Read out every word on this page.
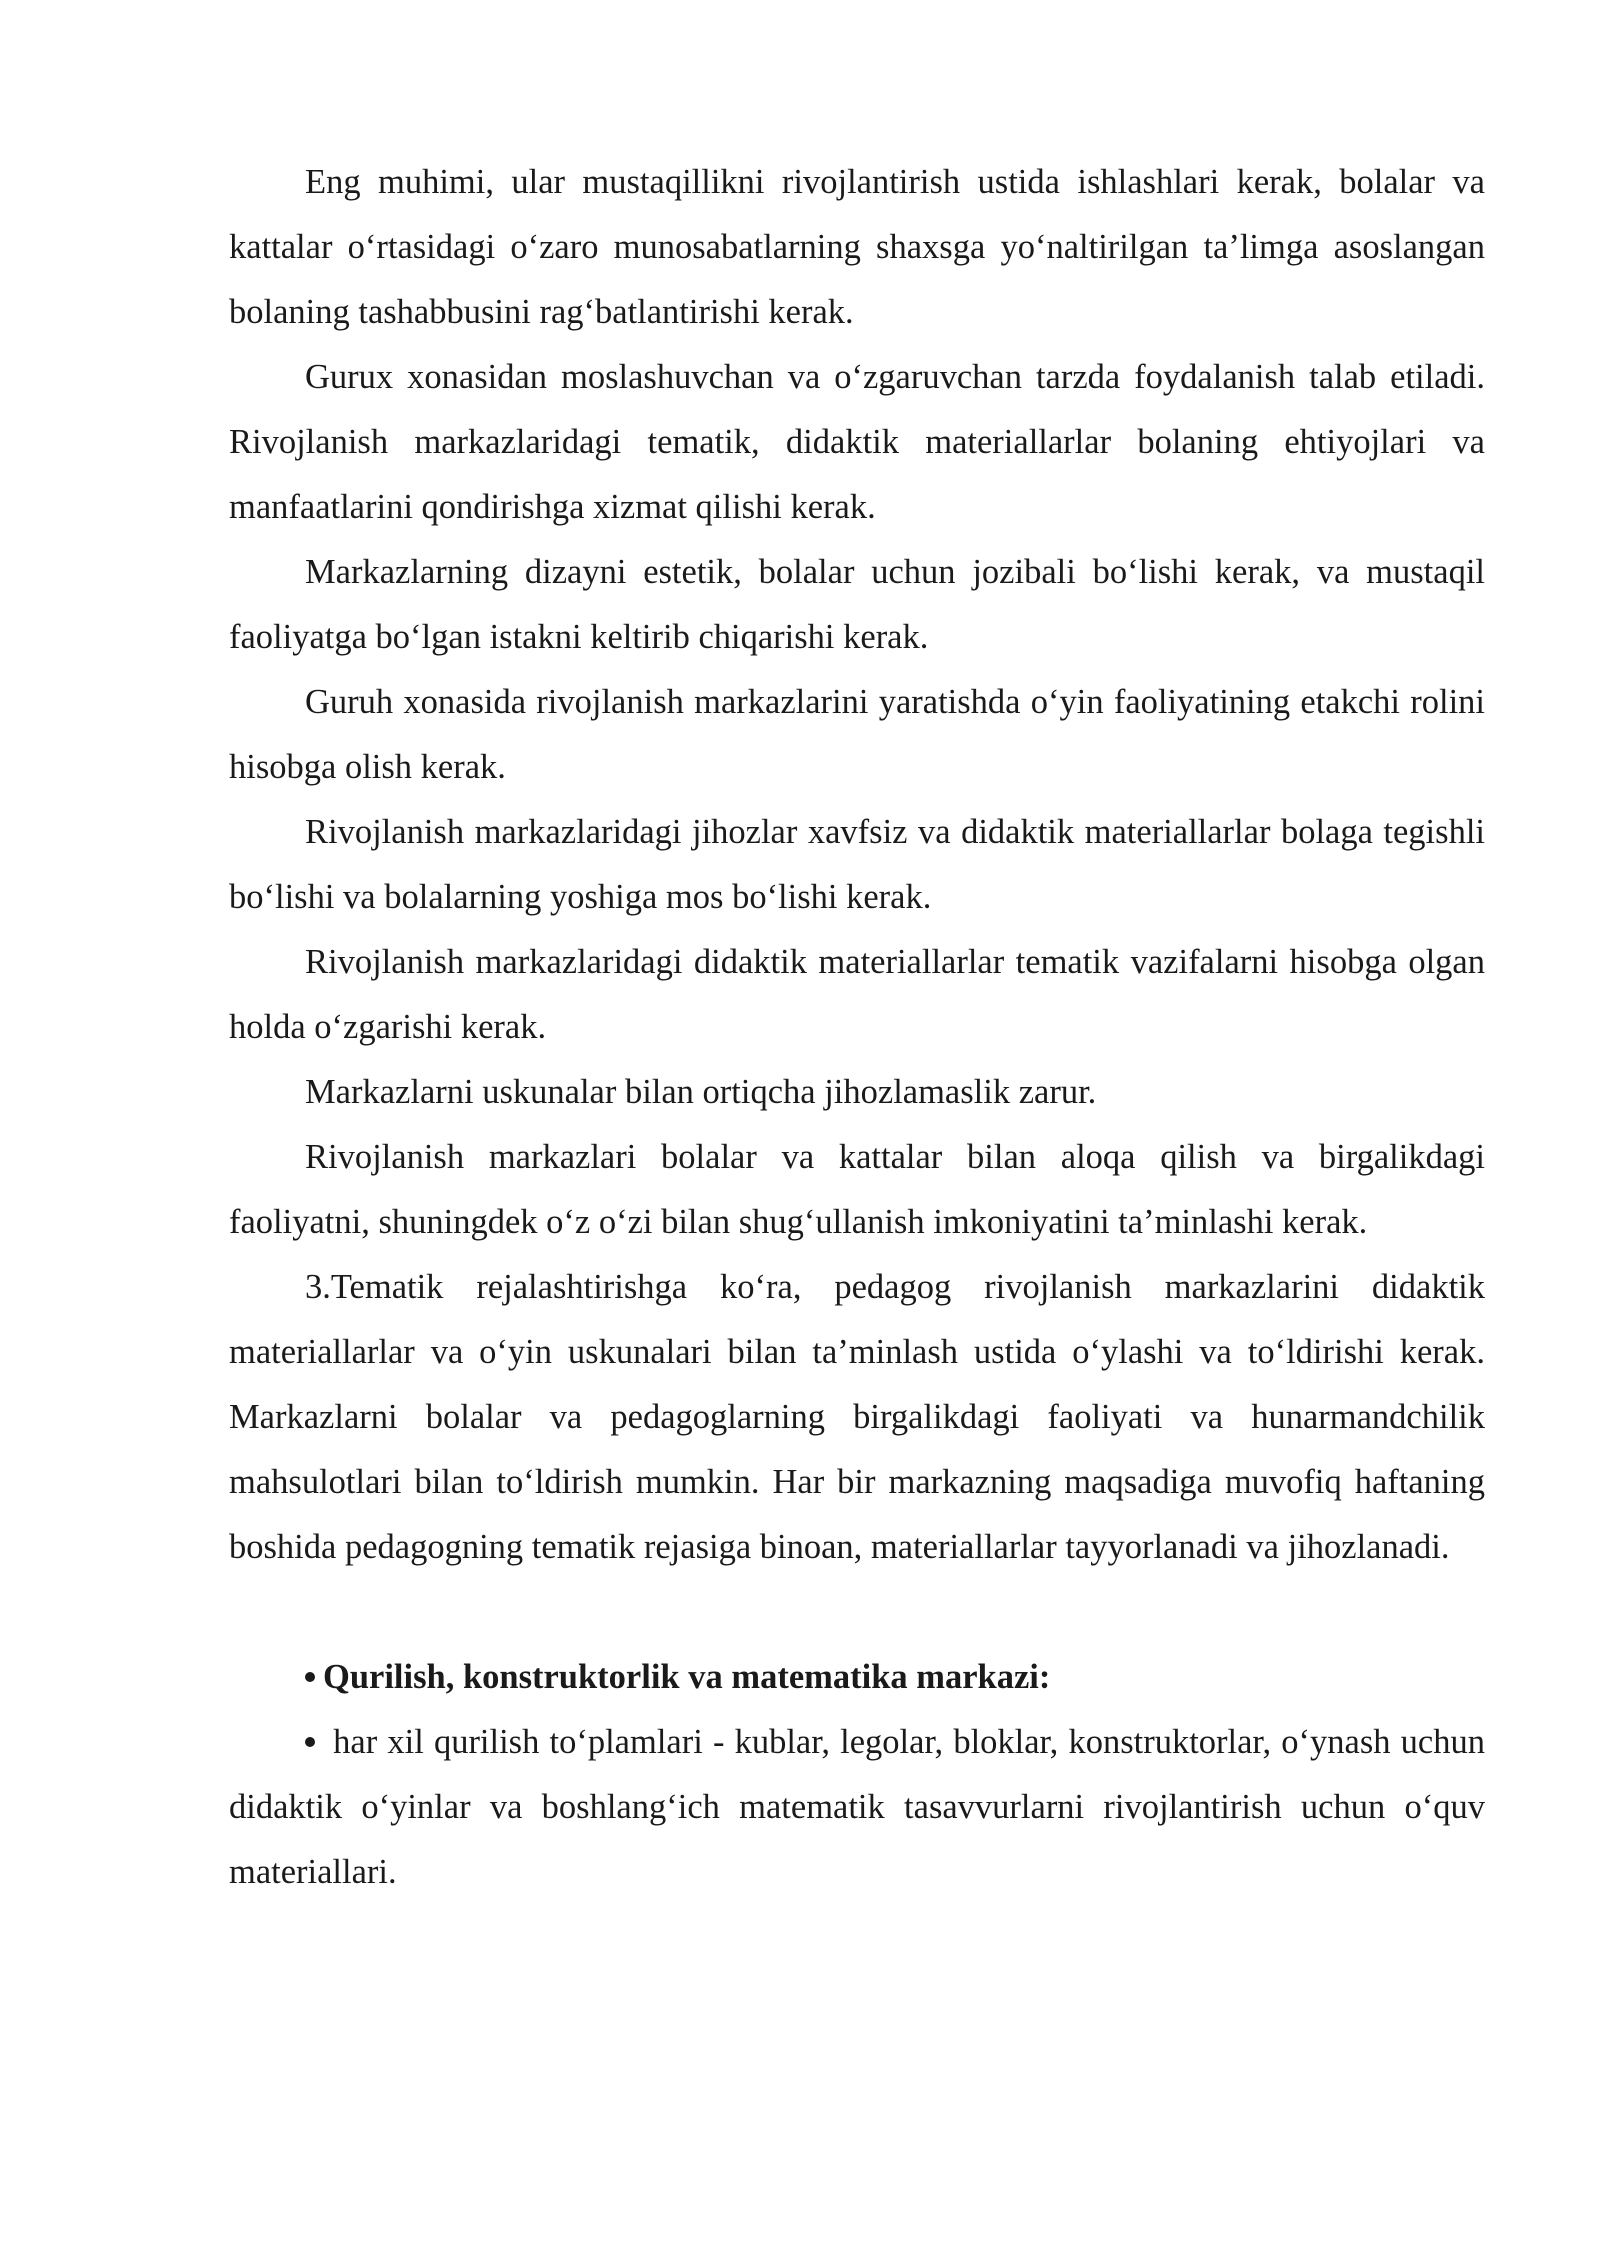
Eng muhimi, ular mustaqillikni rivojlantirish ustida ishlashlari kerak, bolalar va kattalar o‘rtasidagi o‘zaro munosabatlarning shaxsga yo‘naltirilgan ta’limga asoslangan bolaning tashabbusini rag‘batlantirishi kerak.

Gurux xonasidan moslashuvchan va o‘zgaruvchan tarzda foydalanish talab etiladi. Rivojlanish markazlaridagi tematik, didaktik materiallarlar bolaning ehtiyojlari va manfaatlarini qondirishga xizmat qilishi kerak.

Markazlarning dizayni estetik, bolalar uchun jozibali bo‘lishi kerak, va mustaqil faoliyatga bo‘lgan istakni keltirib chiqarishi kerak.

Guruh xonasida rivojlanish markazlarini yaratishda o‘yin faoliyatining etakchi rolini hisobga olish kerak.

Rivojlanish markazlaridagi jihozlar xavfsiz va didaktik materiallarlar bolaga tegishli bo‘lishi va bolalarning yoshiga mos bo‘lishi kerak.

Rivojlanish markazlaridagi didaktik materiallarlar tematik vazifalarni hisobga olgan holda o‘zgarishi kerak.

Markazlarni uskunalar bilan ortiqcha jihozlamaslik zarur.

Rivojlanish markazlari bolalar va kattalar bilan aloqa qilish va birgalikdagi faoliyatni, shuningdek o‘z o‘zi bilan shug‘ullanish imkoniyatini ta’minlashi kerak.

3.Tematik rejalashtirishga ko‘ra, pedagog rivojlanish markazlarini didaktik materiallarlar va o‘yin uskunalari bilan ta’minlash ustida o‘ylashi va to‘ldirishi kerak. Markazlarni bolalar va pedagoglarning birgalikdagi faoliyati va hunarmandchilik mahsulotlari bilan to‘ldirish mumkin. Har bir markazning maqsadiga muvofiq haftaning boshida pedagogning tematik rejasiga binoan, materiallarlar tayyorlanadi va jihozlanadi.

Qurilish, konstruktorlik va matematika markazi:

har xil qurilish to‘plamlari - kublar, legolar, bloklar, konstruktorlar, o‘ynash uchun didaktik o‘yinlar va boshlang‘ich matematik tasavvurlarni rivojlantirish uchun o‘quv materiallari.
